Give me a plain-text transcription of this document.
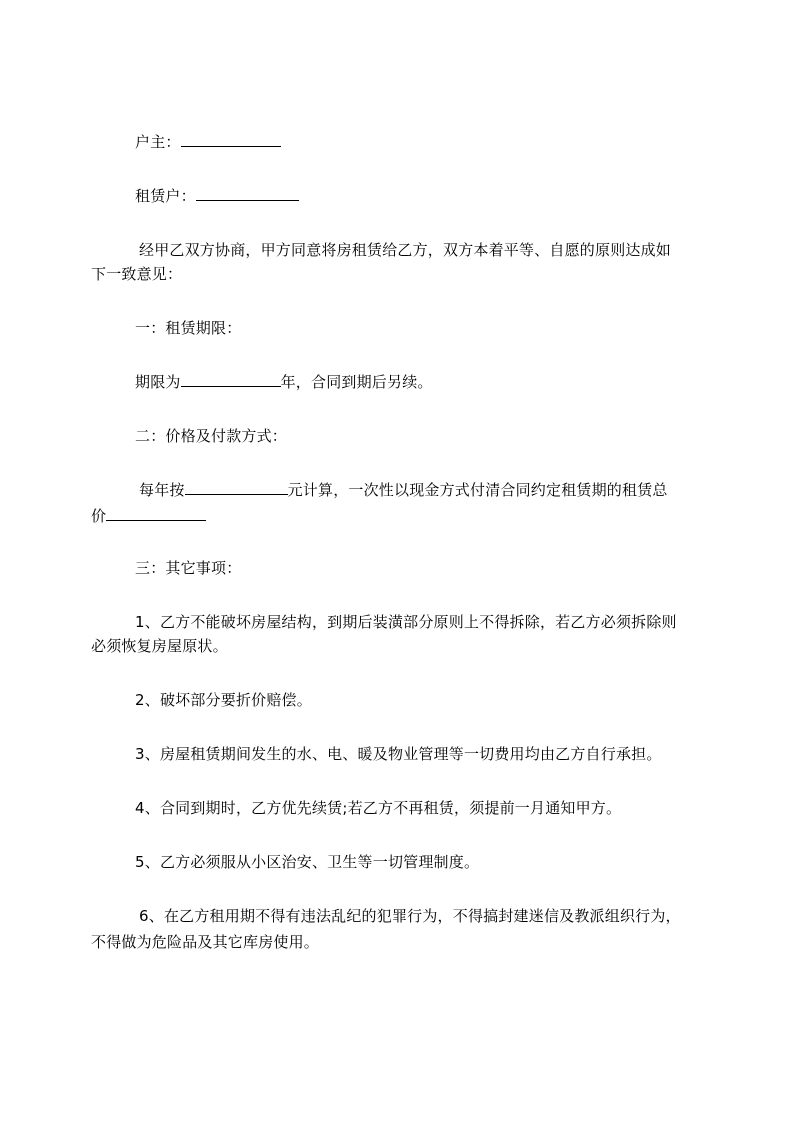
户主：
租赁户：
经甲乙双方协商，甲方同意将房租赁给乙方，双方本着平等、自愿的原则达成如
下一致意见：
一：租赁期限：
期限为	年，合同到期后另续。
二：价格及付款方式：
每年按	元计算，一次性以现金方式付清合同约定租赁期的租赁总
价
三：其它事项：
1、乙方不能破坏房屋结构，到期后装潢部分原则上不得拆除，若乙方必须拆除则
必须恢复房屋原状。
2、破坏部分要折价赔偿。
3、房屋租赁期间发生的水、电、暖及物业管理等一切费用均由乙方自行承担。
4、合同到期时，乙方优先续赁;若乙方不再租赁，须提前一月通知甲方。
5、乙方必须服从小区治安、卫生等一切管理制度。
6、在乙方租用期不得有违法乱纪的犯罪行为，不得搞封建迷信及教派组织行为，
不得做为危险品及其它库房使用。
